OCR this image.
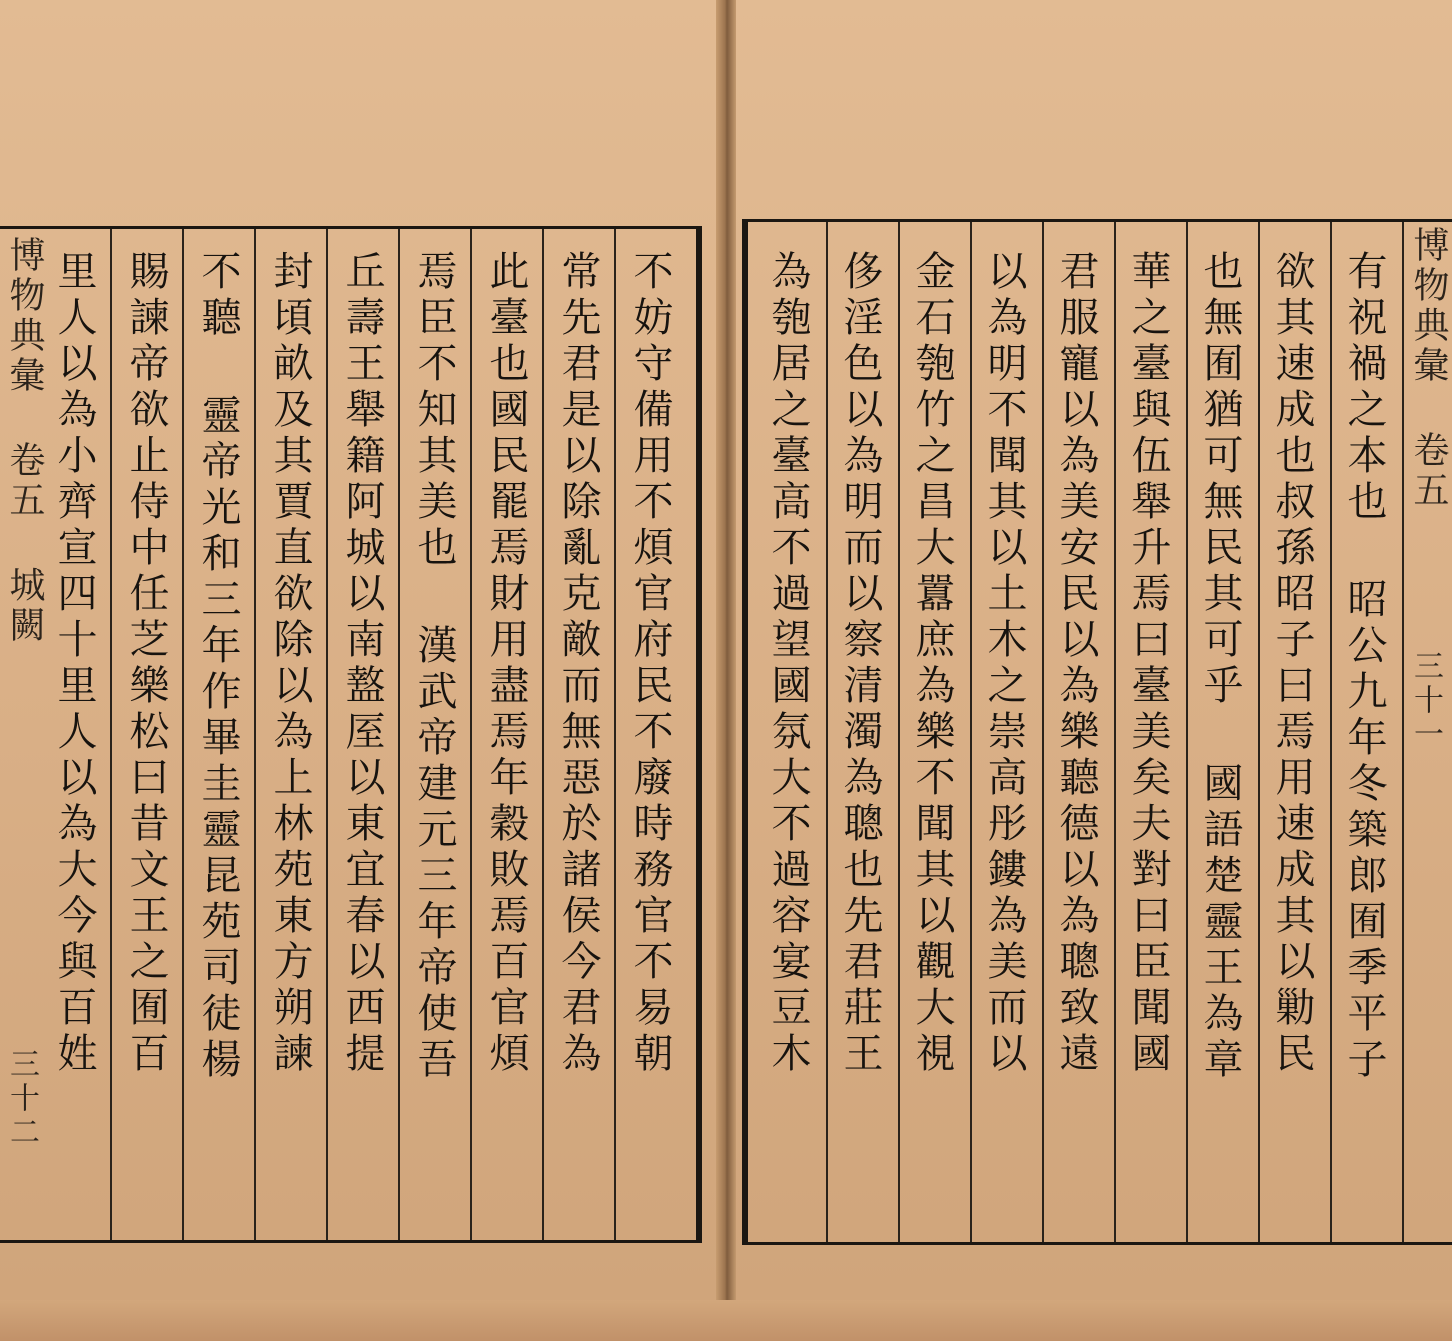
不妨守備用不煩官府民不廢時務官不易朝
常先君是以除亂克敵而無惡於諸侯今君為
此臺也國民罷焉財用盡焉年穀敗焉百官煩
焉臣不知其美也 漢武帝建元三年帝使吾
丘壽王舉籍阿城以南盩厔以東宜春以西提
封頃畝及其賈直欲除以為上林苑東方朔諫
不聽 靈帝光和三年作畢圭靈昆苑司徒楊
賜諫帝欲止侍中任芝樂松曰昔文王之囿百
里人以為小齊宣四十里人以為大今與百姓
博物典彙 卷五 城闕
三十二
有祝禍之本也 昭公九年冬築郎囿季平子
欲其速成也叔孫昭子曰焉用速成其以勦民
也無囿猶可無民其可乎 國語楚靈王為章
華之臺與伍舉升焉曰臺美矣夫對曰臣聞國
君服寵以為美安民以為樂聽德以為聰致遠
以為明不聞其以土木之崇高彤鏤為美而以
金石匏竹之昌大囂庶為樂不聞其以觀大視
侈淫色以為明而以察清濁為聰也先君莊王
為匏居之臺高不過望國氛大不過容宴豆木	博物典彙 卷五
三十一
